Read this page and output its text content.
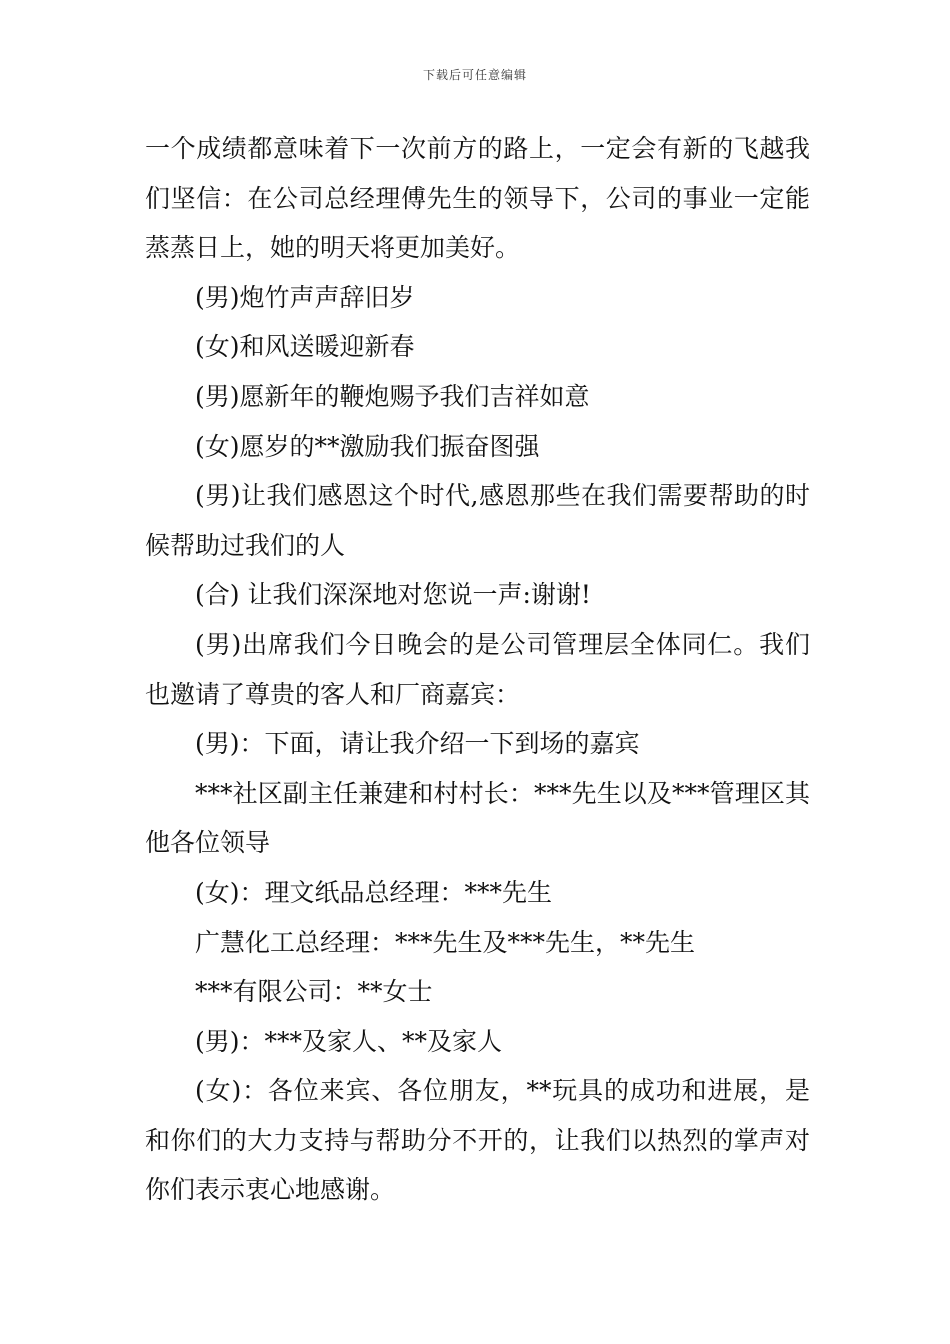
下载后可任意编辑

一个成绩都意味着下一次前方的路上，一定会有新的飞越我们坚信：在公司总经理傅先生的领导下，公司的事业一定能蒸蒸日上，她的明天将更加美好。

(男)炮竹声声辞旧岁

(女)和风送暖迎新春

(男)愿新年的鞭炮赐予我们吉祥如意

(女)愿岁的**激励我们振奋图强

(男)让我们感恩这个时代,感恩那些在我们需要帮助的时候帮助过我们的人

(合) 让我们深深地对您说一声:谢谢!

(男)出席我们今日晚会的是公司管理层全体同仁。我们也邀请了尊贵的客人和厂商嘉宾：

(男)：下面，请让我介绍一下到场的嘉宾

***社区副主任兼建和村村长：***先生以及***管理区其他各位领导

(女)：理文纸品总经理：***先生

广慧化工总经理：***先生及***先生，**先生

***有限公司：**女士

(男)：***及家人、**及家人

(女)：各位来宾、各位朋友，**玩具的成功和进展，是和你们的大力支持与帮助分不开的，让我们以热烈的掌声对你们表示衷心地感谢。
